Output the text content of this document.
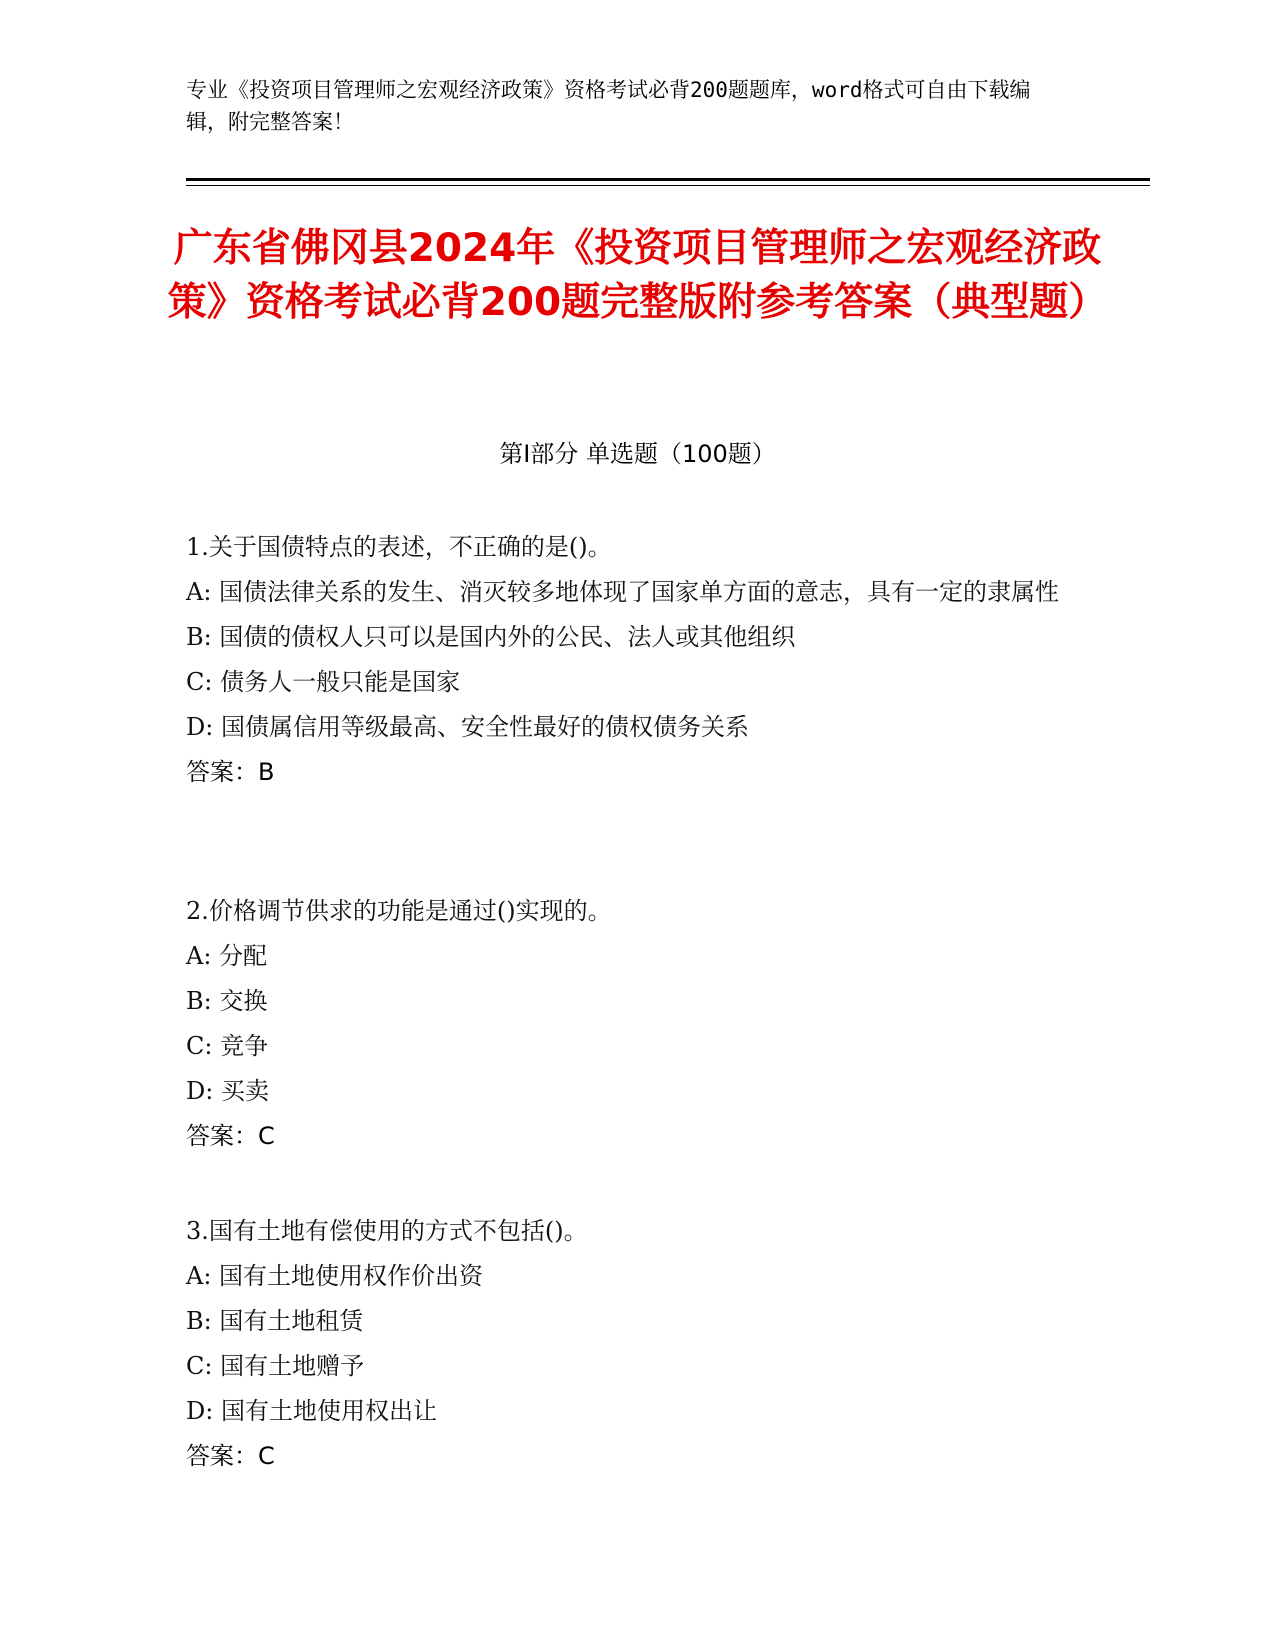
专业《投资项目管理师之宏观经济政策》资格考试必背200题题库，word格式可自由下载编辑，附完整答案！
广东省佛冈县2024年《投资项目管理师之宏观经济政策》资格考试必背200题完整版附参考答案（典型题）
第I部分 单选题（100题）
1.关于国债特点的表述，不正确的是()。
A: 国债法律关系的发生、消灭较多地体现了国家单方面的意志，具有一定的隶属性
B: 国债的债权人只可以是国内外的公民、法人或其他组织
C: 债务人一般只能是国家
D: 国债属信用等级最高、安全性最好的债权债务关系
答案：B
2.价格调节供求的功能是通过()实现的。
A: 分配
B: 交换
C: 竞争
D: 买卖
答案：C
3.国有土地有偿使用的方式不包括()。
A: 国有土地使用权作价出资
B: 国有土地租赁
C: 国有土地赠予
D: 国有土地使用权出让
答案：C
